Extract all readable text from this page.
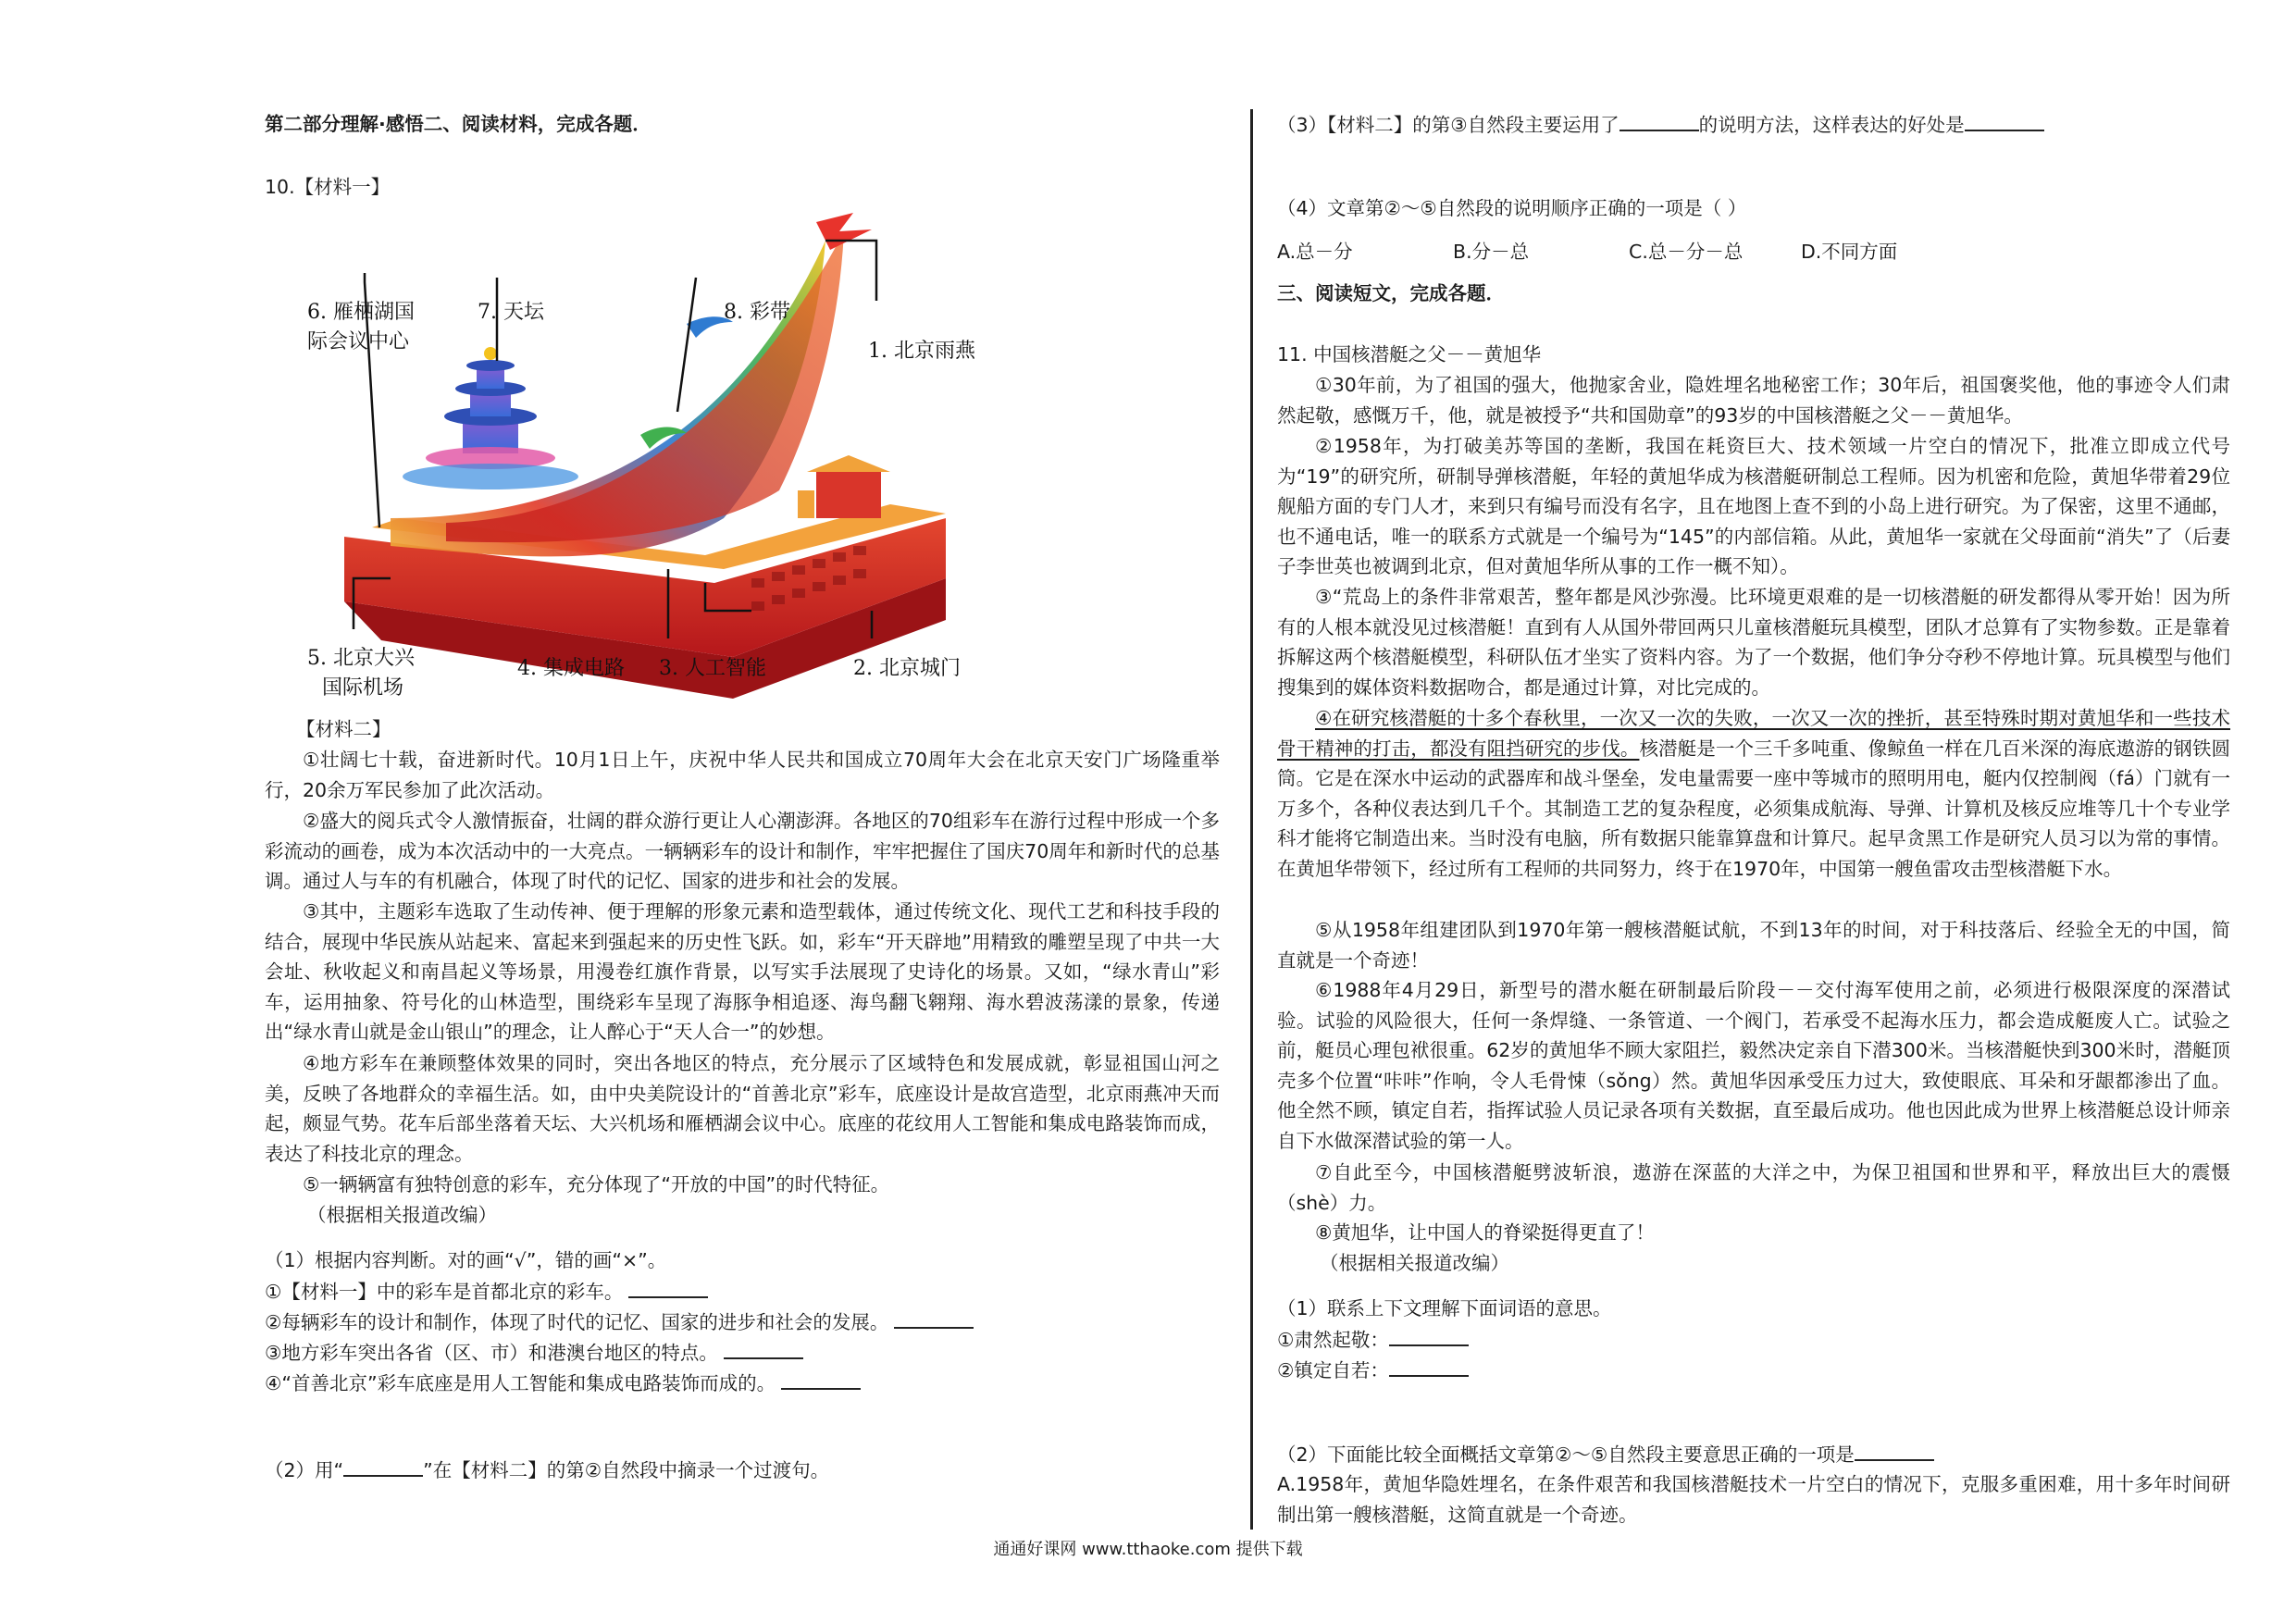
第二部分理解·感悟二、阅读材料，完成各题．
10.【材料一】
6. 雁栖湖国
际会议中心
7. 天坛	8. 彩带
1. 北京雨燕
5. 北京大兴
国际机场
4. 集成电路 3. 人工智能	2. 北京城门
【材料二】

①壮阔七十载，奋进新时代。10月1日上午，庆祝中华人民共和国成立70周年大会在北京天安门广场隆重举行，20余万军民参加了此次活动。

②盛大的阅兵式令人激情振奋，壮阔的群众游行更让人心潮澎湃。各地区的70组彩车在游行过程中形成一个多彩流动的画卷，成为本次活动中的一大亮点。一辆辆彩车的设计和制作，牢牢把握住了国庆70周年和新时代的总基调。通过人与车的有机融合，体现了时代的记忆、国家的进步和社会的发展。

③其中，主题彩车选取了生动传神、便于理解的形象元素和造型载体，通过传统文化、现代工艺和科技手段的结合，展现中华民族从站起来、富起来到强起来的历史性飞跃。如，彩车“开天辟地”用精致的雕塑呈现了中共一大会址、秋收起义和南昌起义等场景，用漫卷红旗作背景，以写实手法展现了史诗化的场景。又如，“绿水青山”彩车，运用抽象、符号化的山林造型，围绕彩车呈现了海豚争相追逐、海鸟翻飞翱翔、海水碧波荡漾的景象，传递出“绿水青山就是金山银山”的理念，让人醉心于“天人合一”的妙想。

④地方彩车在兼顾整体效果的同时，突出各地区的特点，充分展示了区域特色和发展成就，彰显祖国山河之美，反映了各地群众的幸福生活。如，由中央美院设计的“首善北京”彩车，底座设计是故宫造型，北京雨燕冲天而起，颇显气势。花车后部坐落着天坛、大兴机场和雁栖湖会议中心。底座的花纹用人工智能和集成电路装饰而成，表达了科技北京的理念。

⑤一辆辆富有独特创意的彩车，充分体现了“开放的中国”的时代特征。

（根据相关报道改编）
（1）根据内容判断。对的画“√”，错的画“×”。
①【材料一】中的彩车是首都北京的彩车。
②每辆彩车的设计和制作，体现了时代的记忆、国家的进步和社会的发展。
③地方彩车突出各省（区、市）和港澳台地区的特点。
④“首善北京”彩车底座是用人工智能和集成电路装饰而成的。
（2）用“	”在【材料二】的第②自然段中摘录一个过渡句。
（3）【材料二】的第③自然段主要运用了	的说明方法，这样表达的好处是
（4）文章第②～⑤自然段的说明顺序正确的一项是（ ）
A.总－分	B.分－总	C.总－分－总	D.不同方面
三、阅读短文，完成各题．
11. 中国核潜艇之父－－黄旭华

①30年前，为了祖国的强大，他抛家舍业，隐姓埋名地秘密工作；30年后，祖国褒奖他，他的事迹令人们肃然起敬，感慨万千，他，就是被授予“共和国勋章”的93岁的中国核潜艇之父－－黄旭华。

②1958年，为打破美苏等国的垄断，我国在耗资巨大、技术领域一片空白的情况下，批准立即成立代号为“19”的研究所，研制导弹核潜艇，年轻的黄旭华成为核潜艇研制总工程师。因为机密和危险，黄旭华带着29位舰船方面的专门人才，来到只有编号而没有名字，且在地图上查不到的小岛上进行研究。为了保密，这里不通邮，也不通电话，唯一的联系方式就是一个编号为“145”的内部信箱。从此，黄旭华一家就在父母面前“消失”了（后妻子李世英也被调到北京，但对黄旭华所从事的工作一概不知）。

③“荒岛上的条件非常艰苦，整年都是风沙弥漫。比环境更艰难的是一切核潜艇的研发都得从零开始！因为所有的人根本就没见过核潜艇！直到有人从国外带回两只儿童核潜艇玩具模型，团队才总算有了实物参数。正是靠着拆解这两个核潜艇模型，科研队伍才坐实了资料内容。为了一个数据，他们争分夺秒不停地计算。玩具模型与他们搜集到的媒体资料数据吻合，都是通过计算，对比完成的。

④在研究核潜艇的十多个春秋里，一次又一次的失败，一次又一次的挫折，甚至特殊时期对黄旭华和一些技术骨干精神的打击，都没有阻挡研究的步伐。核潜艇是一个三千多吨重、像鲸鱼一样在几百米深的海底遨游的钢铁圆筒。它是在深水中运动的武器库和战斗堡垒，发电量需要一座中等城市的照明用电，艇内仅控制阀（fá）门就有一万多个，各种仪表达到几千个。其制造工艺的复杂程度，必须集成航海、导弹、计算机及核反应堆等几十个专业学科才能将它制造出来。当时没有电脑，所有数据只能靠算盘和计算尺。起早贪黑工作是研究人员习以为常的事情。在黄旭华带领下，经过所有工程师的共同努力，终于在1970年，中国第一艘鱼雷攻击型核潜艇下水。

⑤从1958年组建团队到1970年第一艘核潜艇试航，不到13年的时间，对于科技落后、经验全无的中国，简直就是一个奇迹！

⑥1988年4月29日，新型号的潜水艇在研制最后阶段－－交付海军使用之前，必须进行极限深度的深潜试验。试验的风险很大，任何一条焊缝、一条管道、一个阀门，若承受不起海水压力，都会造成艇废人亡。试验之前，艇员心理包袱很重。62岁的黄旭华不顾大家阻拦，毅然决定亲自下潜300米。当核潜艇快到300米时，潜艇顶壳多个位置“咔咔”作响，令人毛骨悚（sǒng）然。黄旭华因承受压力过大，致使眼底、耳朵和牙龈都渗出了血。他全然不顾，镇定自若，指挥试验人员记录各项有关数据，直至最后成功。他也因此成为世界上核潜艇总设计师亲自下水做深潜试验的第一人。

⑦自此至今，中国核潜艇劈波斩浪，遨游在深蓝的大洋之中，为保卫祖国和世界和平，释放出巨大的震慑（shè）力。

⑧黄旭华，让中国人的脊梁挺得更直了！

（根据相关报道改编）
（1）联系上下文理解下面词语的意思。
①肃然起敬：
②镇定自若：
（2）下面能比较全面概括文章第②～⑤自然段主要意思正确的一项是

A.1958年，黄旭华隐姓埋名，在条件艰苦和我国核潜艇技术一片空白的情况下，克服多重困难，用十多年时间研制出第一艘核潜艇，这简直就是一个奇迹。

通通好课网 www.tthaoke.com 提供下载
